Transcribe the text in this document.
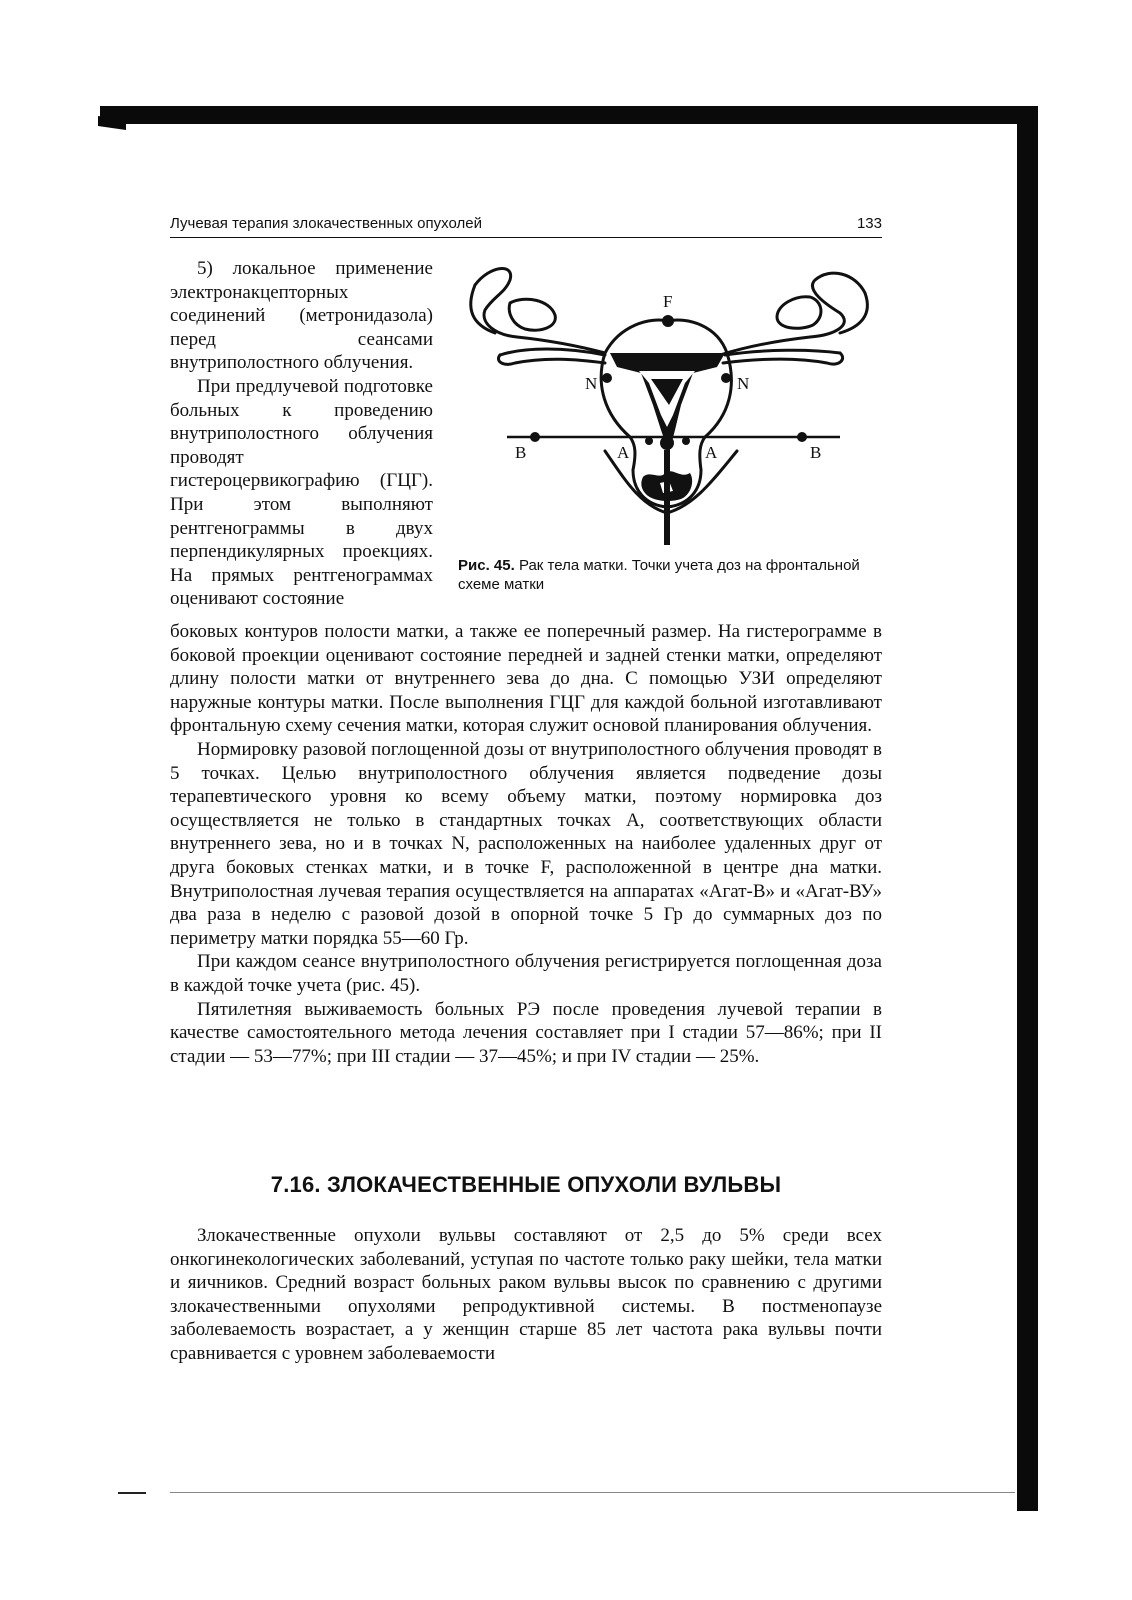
Лучевая терапия злокачественных опухолей	133

5) локальное применение электронакцепторных соединений (метронидазола) перед сеансами внутриполостного облучения.

При предлучевой подготовке больных к проведению внутриполостного облучения проводят гистероцервикографию (ГЦГ). При этом выполняют рентгенограммы в двух перпендикулярных проекциях. На прямых рентгенограммах оценивают состояние

F
N	N
A	A
B	B
Рис. 45. Рак тела матки. Точки учета доз на фронтальной схеме матки

боковых контуров полости матки, а также ее поперечный размер. На гистерограмме в боковой проекции оценивают состояние передней и задней стенки матки, определяют длину полости матки от внутреннего зева до дна. С помощью УЗИ определяют наружные контуры матки. После выполнения ГЦГ для каждой больной изготавливают фронтальную схему сечения матки, которая служит основой планирования облучения.

Нормировку разовой поглощенной дозы от внутриполостного облучения проводят в 5 точках. Целью внутриполостного облучения является подведение дозы терапевтического уровня ко всему объему матки, поэтому нормировка доз осуществляется не только в стандартных точках А, соответствующих области внутреннего зева, но и в точках N, расположенных на наиболее удаленных друг от друга боковых стенках матки, и в точке F, расположенной в центре дна матки. Внутриполостная лучевая терапия осуществляется на аппаратах «Агат-В» и «Агат-ВУ» два раза в неделю с разовой дозой в опорной точке 5 Гр до суммарных доз по периметру матки порядка 55—60 Гр.

При каждом сеансе внутриполостного облучения регистрируется поглощенная доза в каждой точке учета (рис. 45).

Пятилетняя выживаемость больных РЭ после проведения лучевой терапии в качестве самостоятельного метода лечения составляет при I стадии 57—86%; при II стадии — 53—77%; при III стадии — 37—45%; и при IV стадии — 25%.

7.16. ЗЛОКАЧЕСТВЕННЫЕ ОПУХОЛИ ВУЛЬВЫ

Злокачественные опухоли вульвы составляют от 2,5 до 5% среди всех онкогинекологических заболеваний, уступая по частоте только раку шейки, тела матки и яичников. Средний возраст больных раком вульвы высок по сравнению с другими злокачественными опухолями репродуктивной системы. В постменопаузе заболеваемость возрастает, а у женщин старше 85 лет частота рака вульвы почти сравнивается с уровнем заболеваемости
